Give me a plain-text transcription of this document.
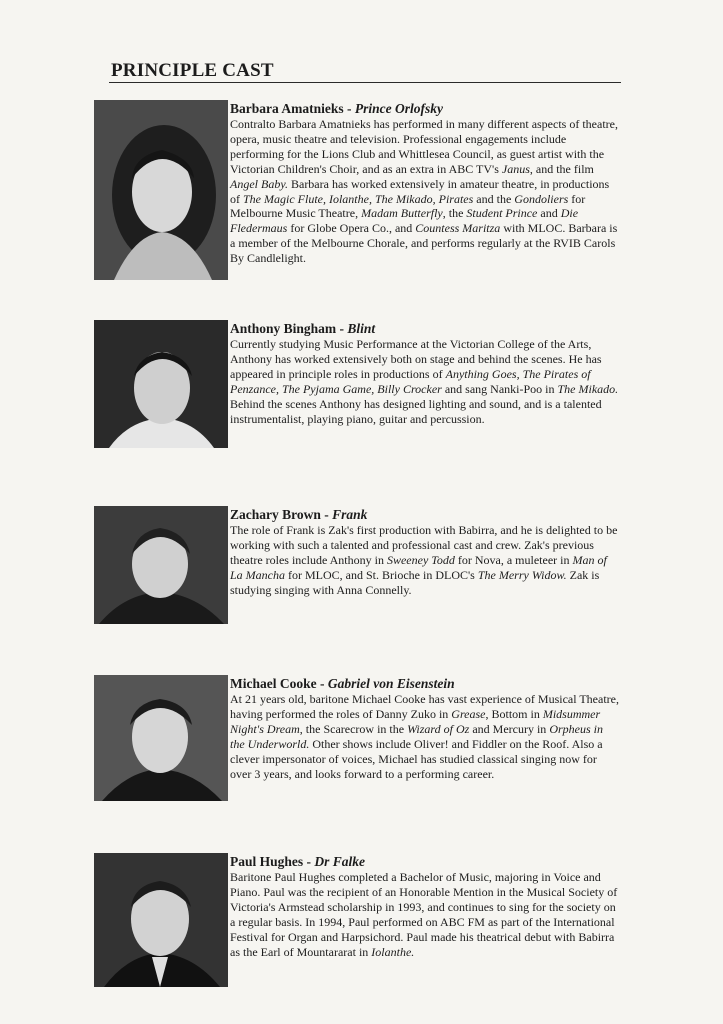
PRINCIPLE CAST

Barbara Amatnieks - Prince Orlofsky

Contralto Barbara Amatnieks has performed in many different aspects of theatre, opera, music theatre and television. Professional engagements include performing for the Lions Club and Whittlesea Council, as guest artist with the Victorian Children's Choir, and as an extra in ABC TV's Janus, and the film Angel Baby. Barbara has worked extensively in amateur theatre, in productions of The Magic Flute, Iolanthe, The Mikado, Pirates and the Gondoliers for Melbourne Music Theatre, Madam Butterfly, the Student Prince and Die Fledermaus for Globe Opera Co., and Countess Maritza with MLOC. Barbara is a member of the Melbourne Chorale, and performs regularly at the RVIB Carols By Candlelight.

Anthony Bingham - Blint

Currently studying Music Performance at the Victorian College of the Arts, Anthony has worked extensively both on stage and behind the scenes. He has appeared in principle roles in productions of Anything Goes, The Pirates of Penzance, The Pyjama Game, Billy Crocker and sang Nanki-Poo in The Mikado. Behind the scenes Anthony has designed lighting and sound, and is a talented instrumentalist, playing piano, guitar and percussion.

Zachary Brown - Frank

The role of Frank is Zak's first production with Babirra, and he is delighted to be working with such a talented and professional cast and crew. Zak's previous theatre roles include Anthony in Sweeney Todd for Nova, a muleteer in Man of La Mancha for MLOC, and St. Brioche in DLOC's The Merry Widow. Zak is studying singing with Anna Connelly.

Michael Cooke - Gabriel von Eisenstein

At 21 years old, baritone Michael Cooke has vast experience of Musical Theatre, having performed the roles of Danny Zuko in Grease, Bottom in Midsummer Night's Dream, the Scarecrow in the Wizard of Oz and Mercury in Orpheus in the Underworld. Other shows include Oliver! and Fiddler on the Roof. Also a clever impersonator of voices, Michael has studied classical singing now for over 3 years, and looks forward to a performing career.

Paul Hughes - Dr Falke

Baritone Paul Hughes completed a Bachelor of Music, majoring in Voice and Piano. Paul was the recipient of an Honorable Mention in the Musical Society of Victoria's Armstead scholarship in 1993, and continues to sing for the society on a regular basis. In 1994, Paul performed on ABC FM as part of the International Festival for Organ and Harpsichord. Paul made his theatrical debut with Babirra as the Earl of Mountararat in Iolanthe.
